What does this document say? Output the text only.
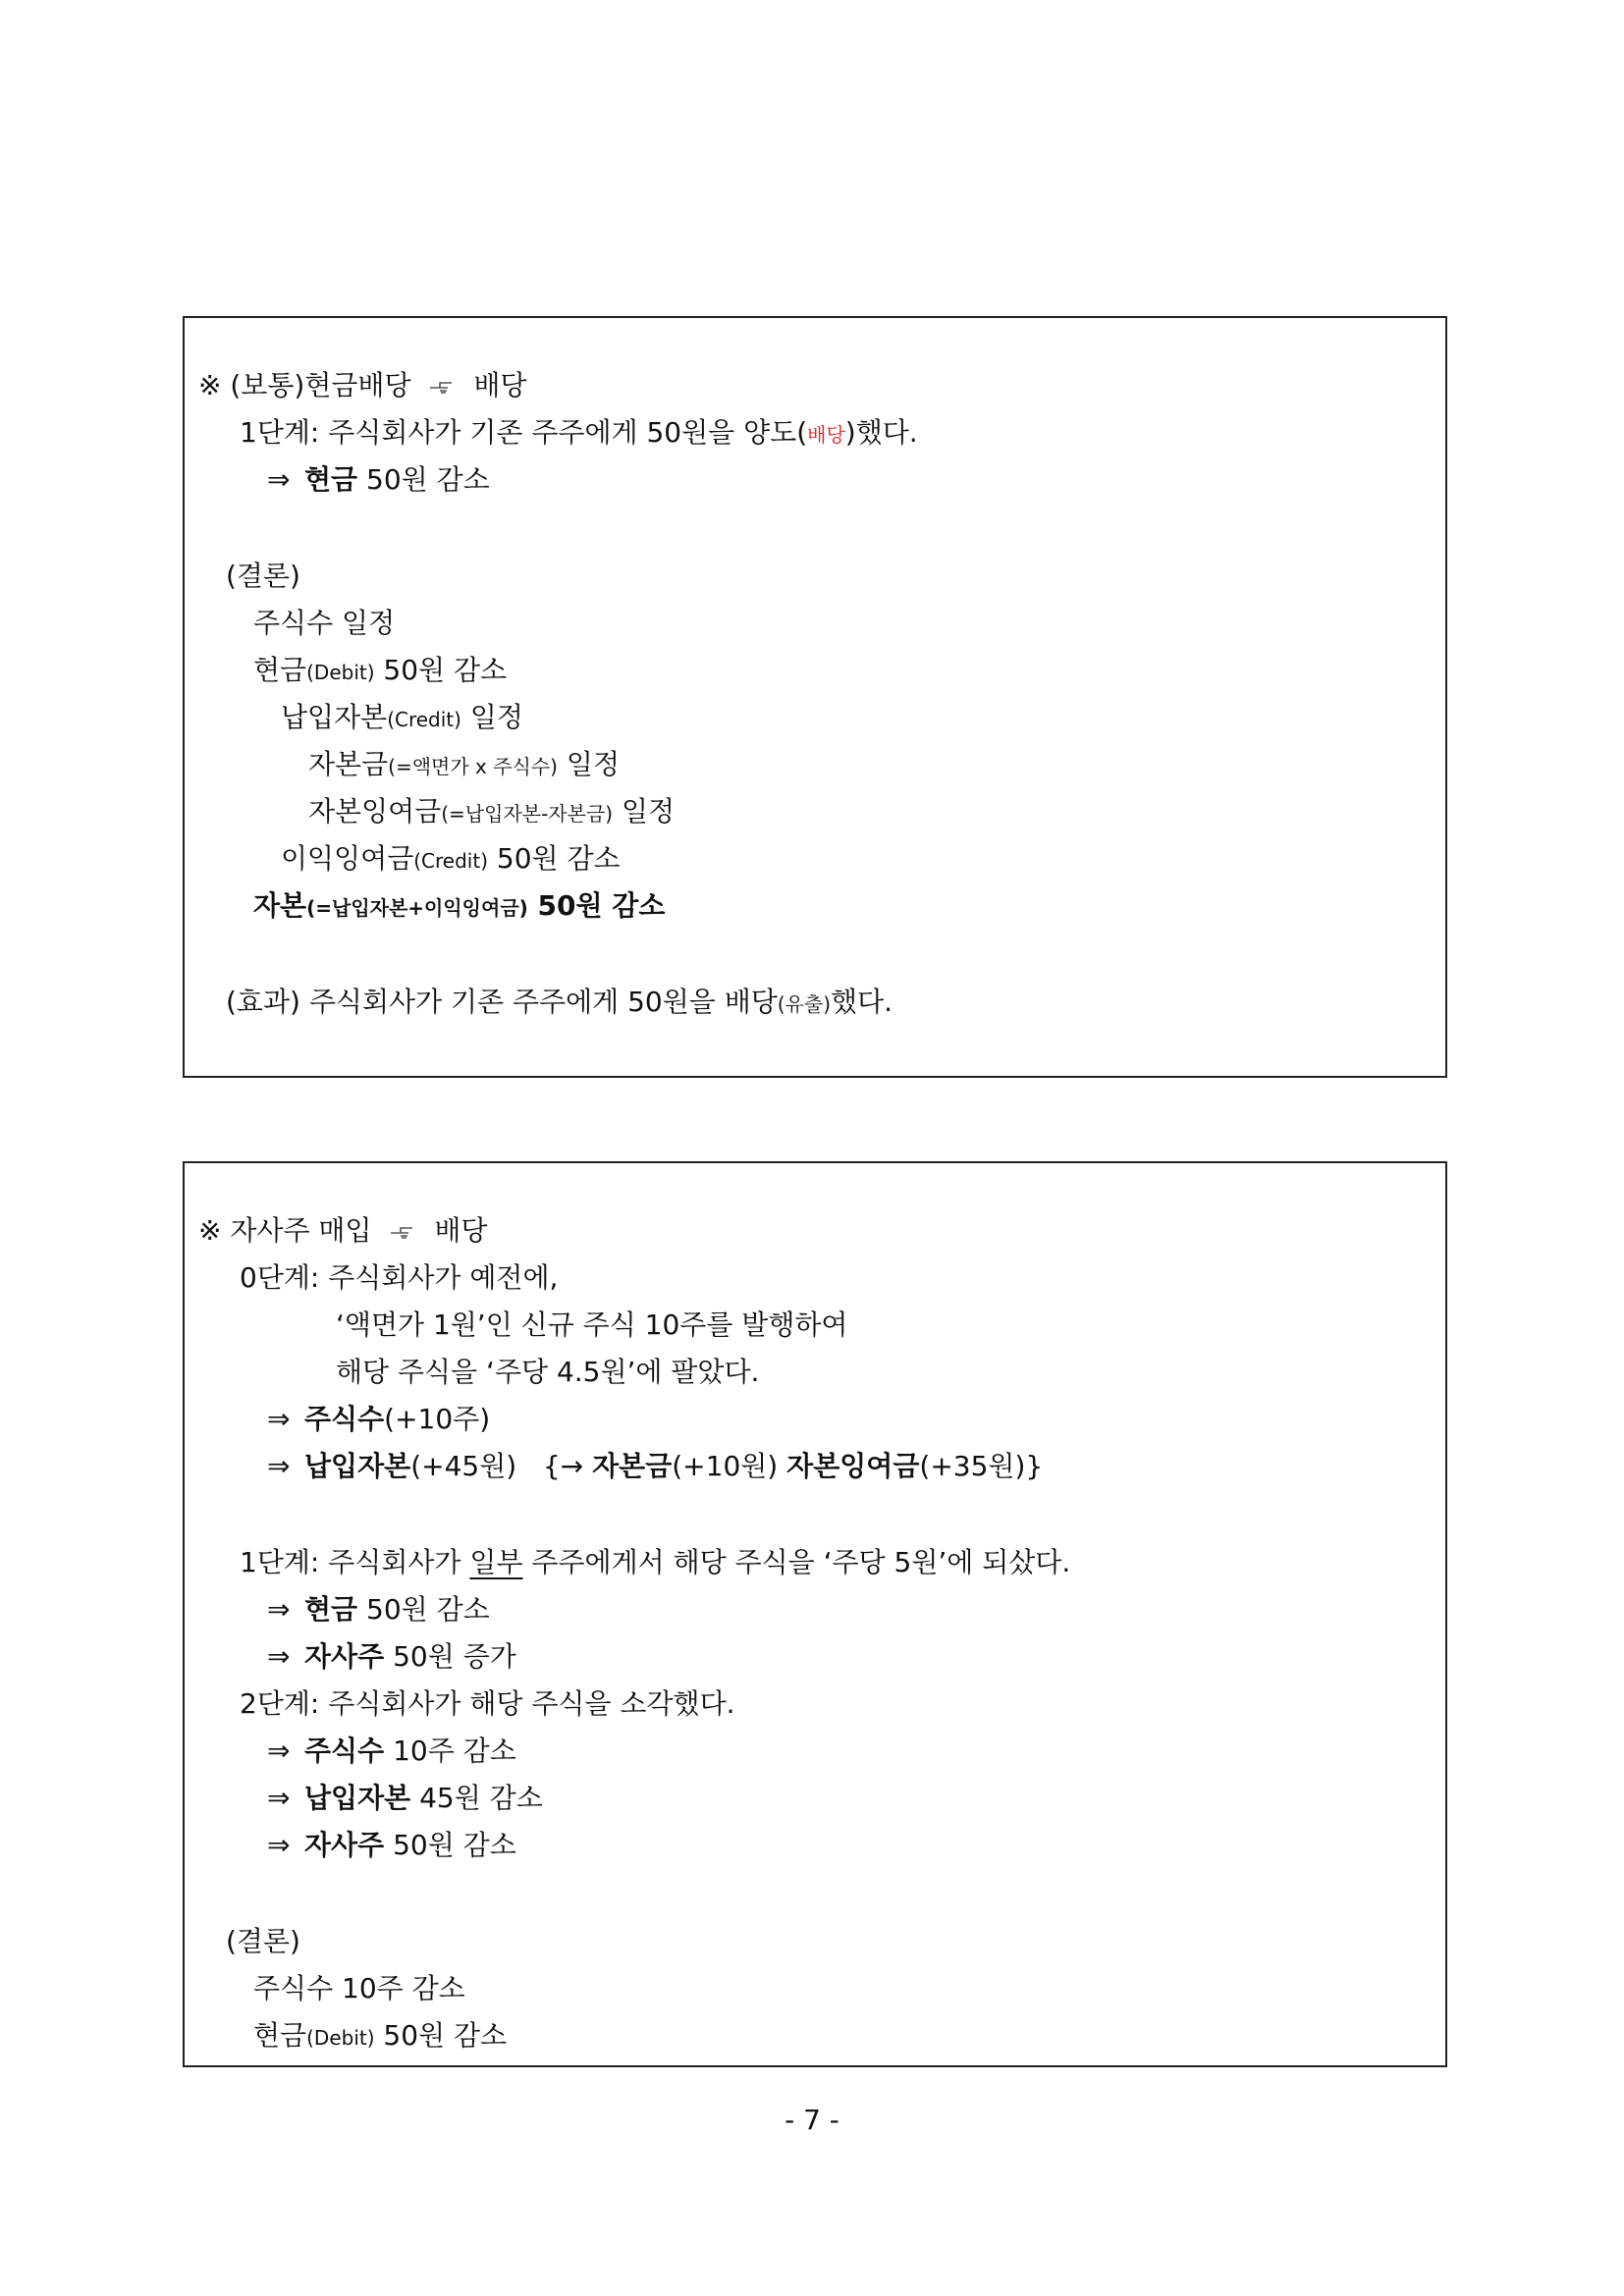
※ (보통)현금배당 배당
1단계: 주식회사가 기존 주주에게 50원을 양도(배당)했다.
⇒ 현금 50원 감소
(결론)
주식수 일정
현금(Debit) 50원 감소
납입자본(Credit) 일정
자본금(=액면가 x 주식수) 일정
자본잉여금(=납입자본-자본금) 일정
이익잉여금(Credit) 50원 감소
자본(=납입자본+이익잉여금) 50원 감소
(효과) 주식회사가 기존 주주에게 50원을 배당(유출)했다.
※ 자사주 매입 배당
0단계: 주식회사가 예전에,
‘액면가 1원’인 신규 주식 10주를 발행하여
해당 주식을 ‘주당 4.5원’에 팔았다.
⇒ 주식수(+10주)
⇒ 납입자본(+45원) {→ 자본금(+10원) 자본잉여금(+35원)}
1단계: 주식회사가 일부 주주에게서 해당 주식을 ‘주당 5원’에 되샀다.
⇒ 현금 50원 감소
⇒ 자사주 50원 증가
2단계: 주식회사가 해당 주식을 소각했다.
⇒ 주식수 10주 감소
⇒ 납입자본 45원 감소
⇒ 자사주 50원 감소
(결론)
주식수 10주 감소
현금(Debit) 50원 감소
- 7 -
